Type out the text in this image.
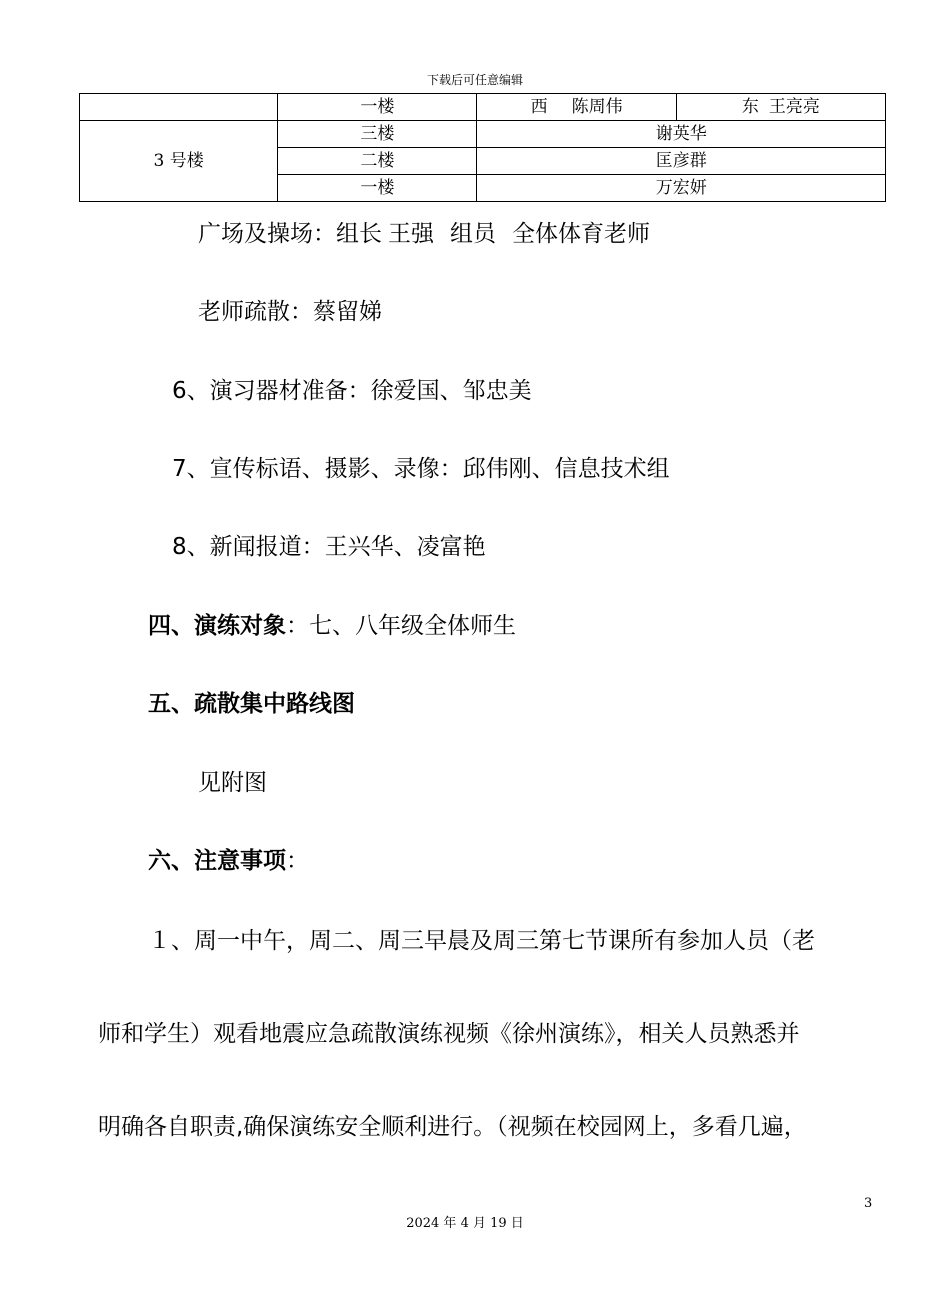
下载后可任意编辑
	一楼	西 陈周伟	东 王亮亮
3 号楼	三楼	谢英华	
	二楼	匡彦群	
	一楼	万宏妍	
广场及操场：组长 王强 组员 全体体育老师
老师疏散：蔡留娣
6、演习器材准备：徐爱国、邹忠美
7、宣传标语、摄影、录像：邱伟刚、信息技术组
8、新闻报道：王兴华、凌富艳
四、演练对象：七、八年级全体师生
五、疏散集中路线图
见附图
六、注意事项：
１、周一中午，周二、周三早晨及周三第七节课所有参加人员（老
师和学生）观看地震应急疏散演练视频《徐州演练》，相关人员熟悉并
明确各自职责,确保演练安全顺利进行。（视频在校园网上，多看几遍，
3
2024 年 4 月 19 日
